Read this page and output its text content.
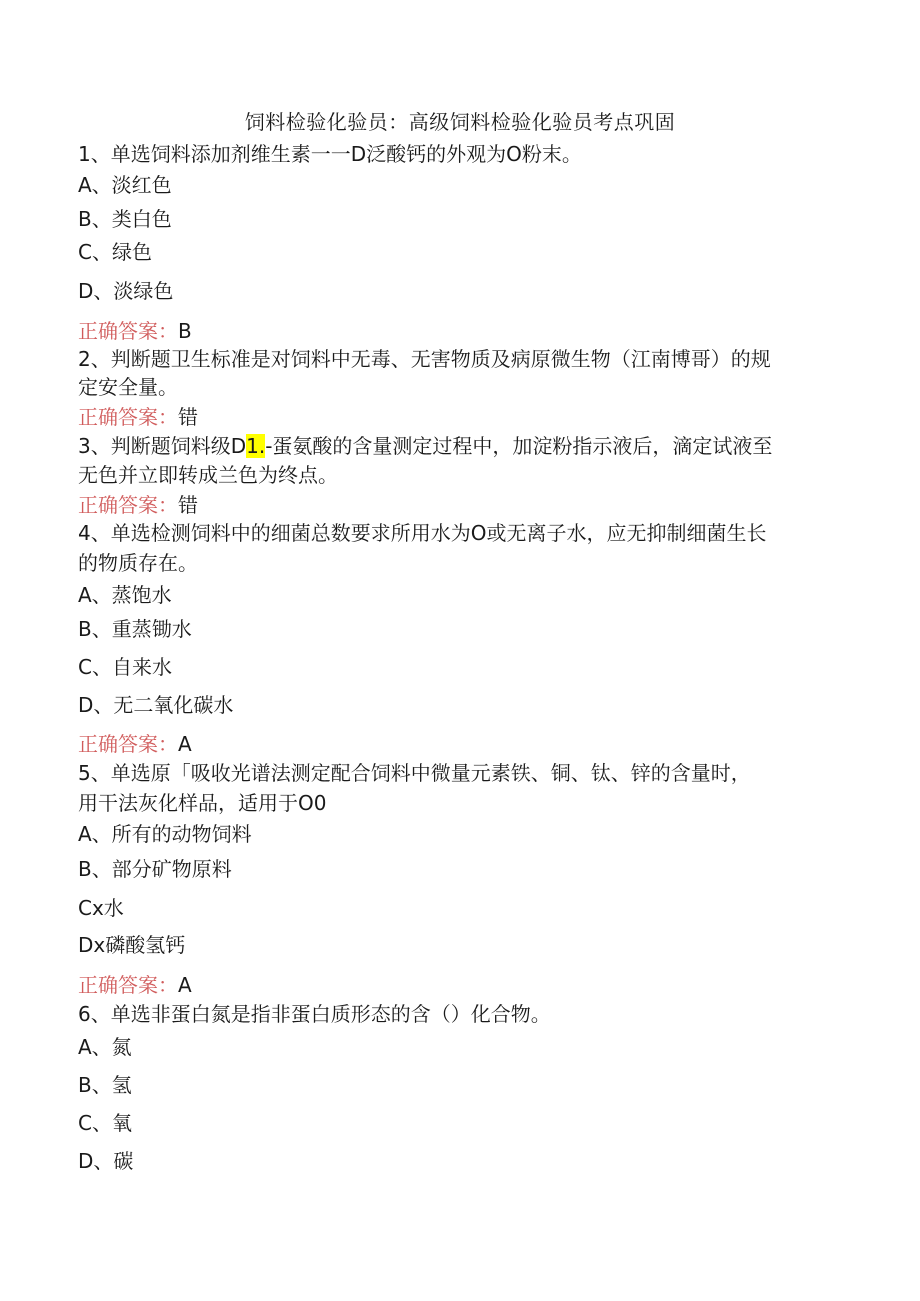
饲料检验化验员：高级饲料检验化验员考点巩固
1、单选饲料添加剂维生素一一D泛酸钙的外观为O粉末。
A、淡红色
B、类白色
C、绿色
D、淡绿色
正确答案：B
2、判断题卫生标准是对饲料中无毒、无害物质及病原微生物（江南博哥）的规
定安全量。
正确答案：错
3、判断题饲料级D1.-蛋氨酸的含量测定过程中，加淀粉指示液后，滴定试液至
无色并立即转成兰色为终点。
正确答案：错
4、单选检测饲料中的细菌总数要求所用水为O或无离子水，应无抑制细菌生长
的物质存在。
A、蒸饱水
B、重蒸锄水
C、自来水
D、无二氧化碳水
正确答案：A
5、单选原「吸收光谱法测定配合饲料中微量元素铁、铜、钛、锌的含量时，
用干法灰化样品，适用于O0
A、所有的动物饲料
B、部分矿物原料
Cx水
Dx磷酸氢钙
正确答案：A
6、单选非蛋白氮是指非蛋白质形态的含（）化合物。
A、氮
B、氢
C、氧
D、碳
